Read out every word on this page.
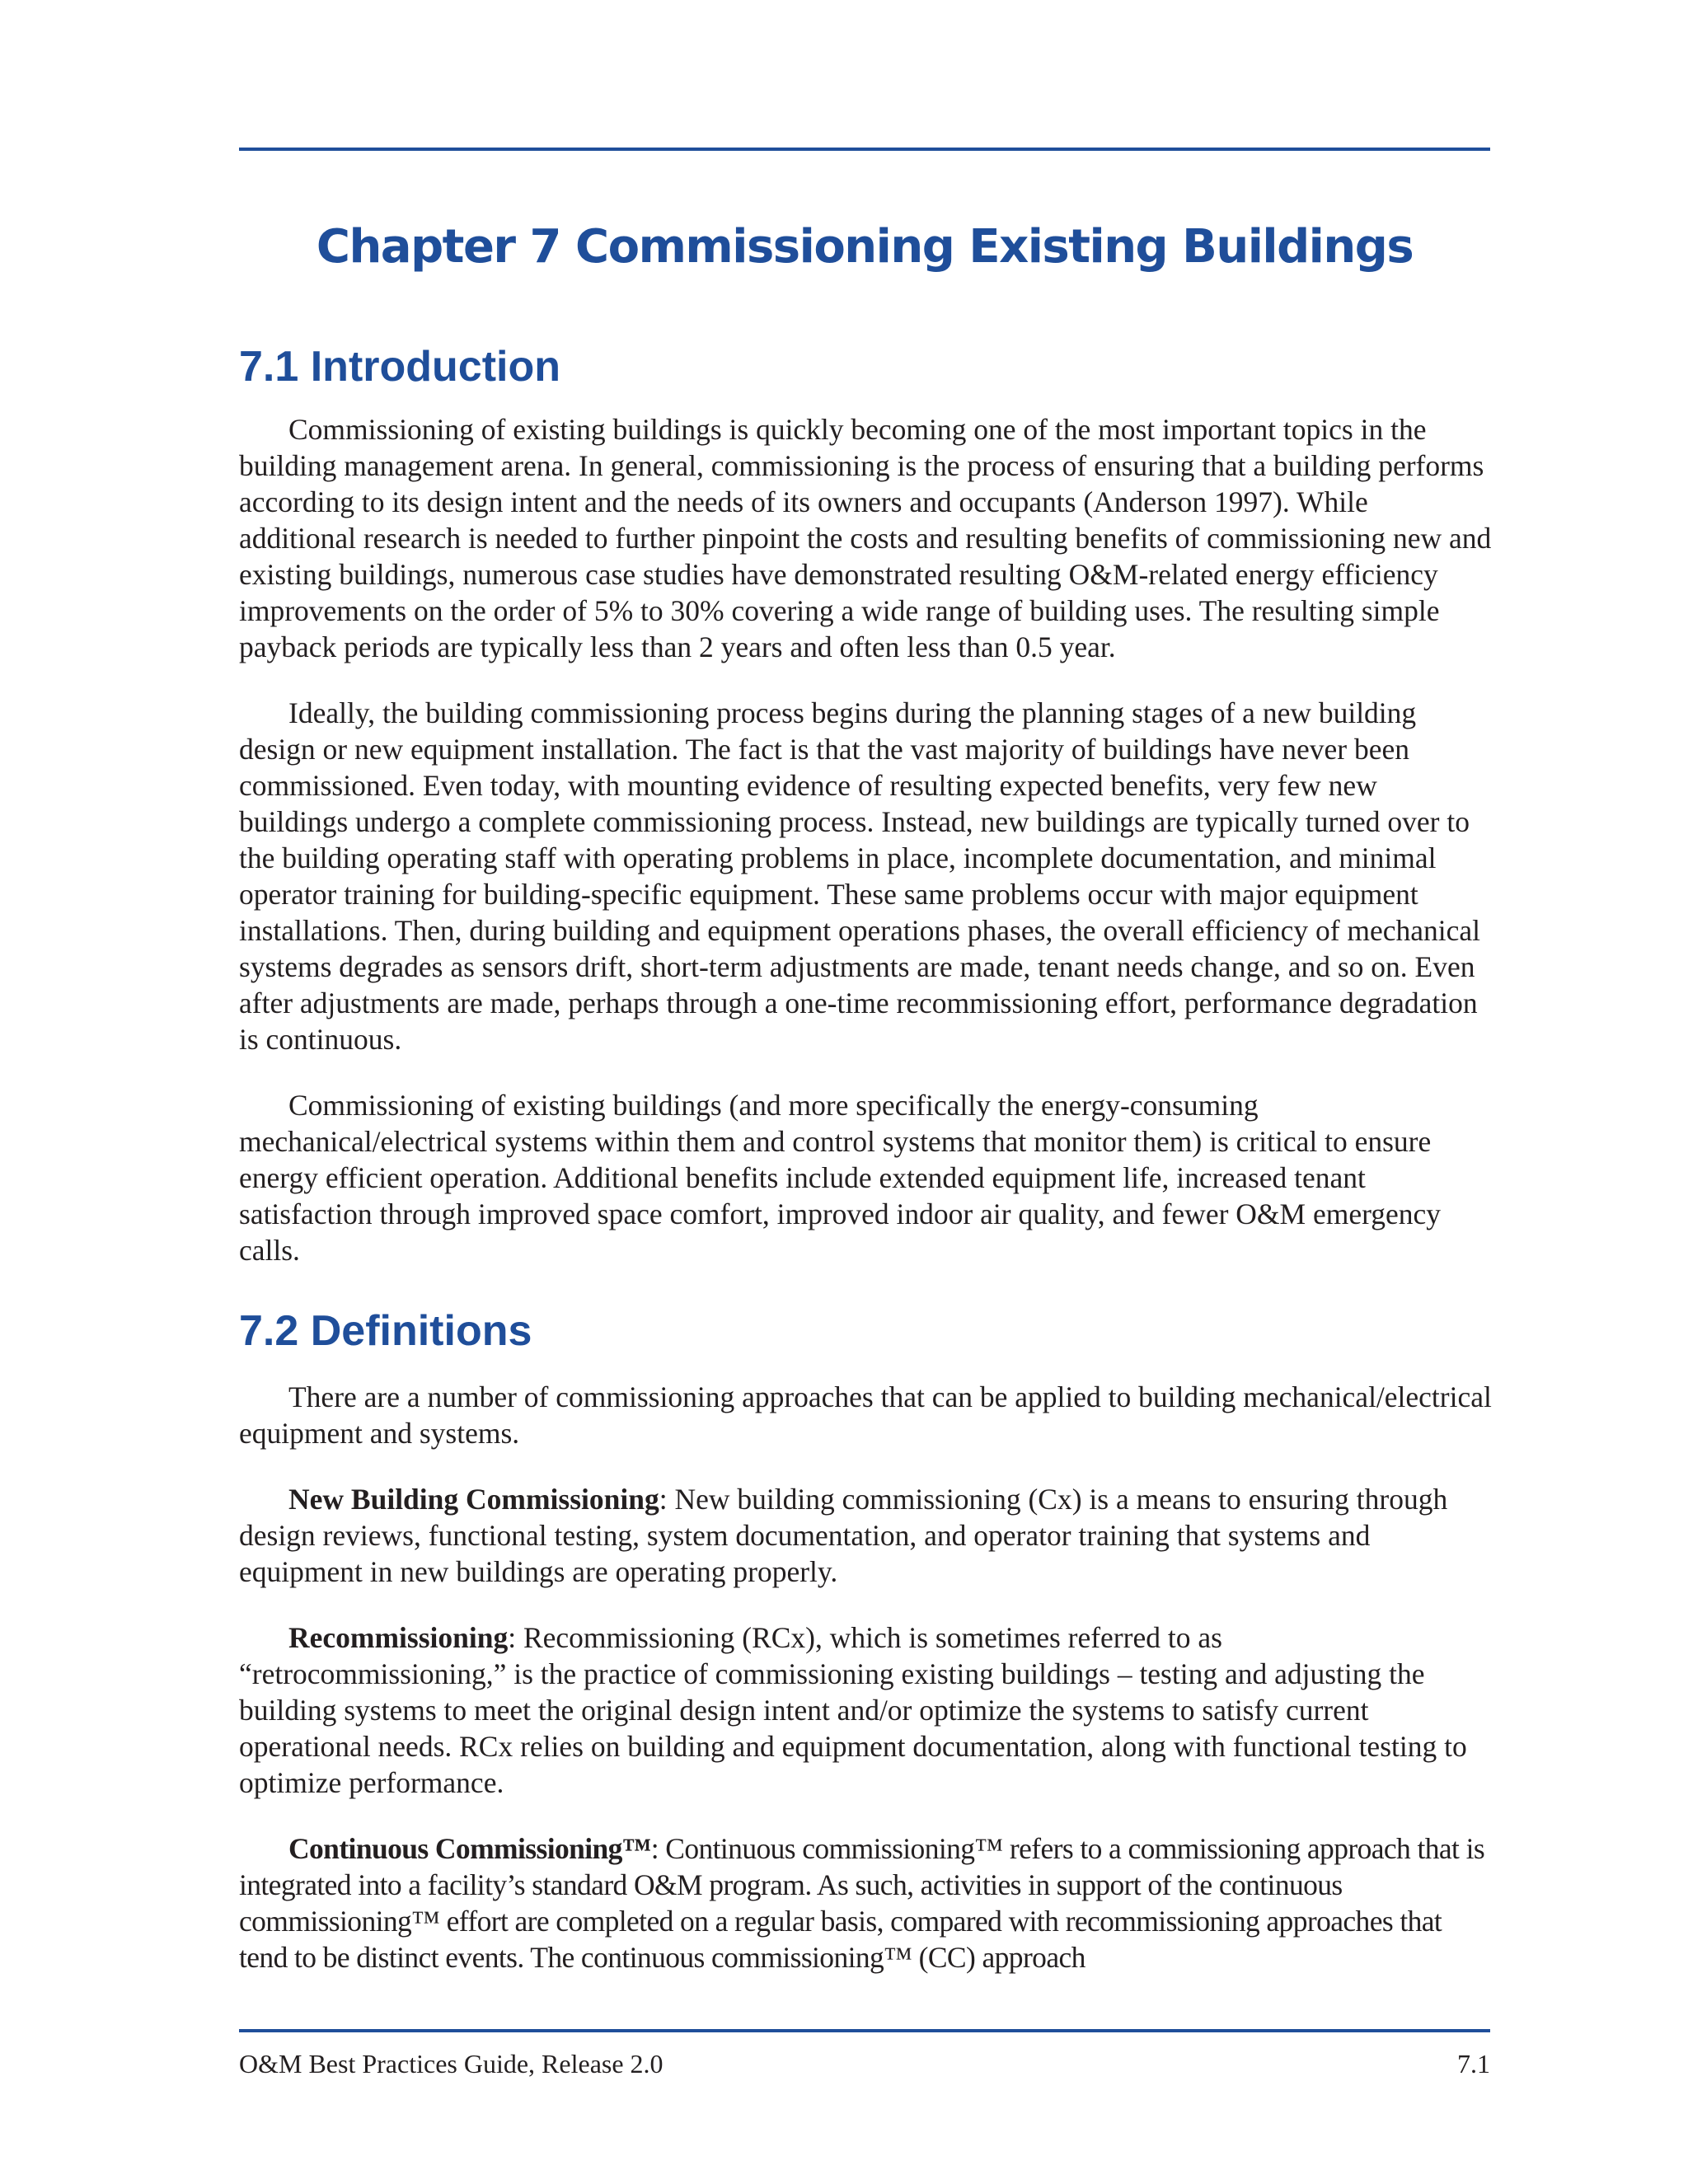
Chapter 7 Commissioning Existing Buildings
7.1 Introduction

Commissioning of existing buildings is quickly becoming one of the most important topics in the building management arena. In general, commissioning is the process of ensuring that a building performs according to its design intent and the needs of its owners and occupants (Anderson 1997). While additional research is needed to further pinpoint the costs and resulting benefits of commissioning new and existing buildings, numerous case studies have demonstrated resulting O&M-related energy efficiency improvements on the order of 5% to 30% covering a wide range of building uses. The resulting simple payback periods are typically less than 2 years and often less than 0.5 year.

Ideally, the building commissioning process begins during the planning stages of a new building design or new equipment installation. The fact is that the vast majority of buildings have never been commissioned. Even today, with mounting evidence of resulting expected benefits, very few new buildings undergo a complete commissioning process. Instead, new buildings are typically turned over to the building operating staff with operating problems in place, incomplete documentation, and minimal operator training for building-specific equipment. These same problems occur with major equipment installations. Then, during building and equipment operations phases, the overall efficiency of mechanical systems degrades as sensors drift, short-term adjustments are made, tenant needs change, and so on. Even after adjustments are made, perhaps through a one-time recommissioning effort, performance degradation is continuous.

Commissioning of existing buildings (and more specifically the energy-consuming mechanical/electrical systems within them and control systems that monitor them) is critical to ensure energy efficient operation. Additional benefits include extended equipment life, increased tenant satisfaction through improved space comfort, improved indoor air quality, and fewer O&M emergency calls.

7.2 Definitions

There are a number of commissioning approaches that can be applied to building mechanical/electrical equipment and systems.

New Building Commissioning: New building commissioning (Cx) is a means to ensuring through design reviews, functional testing, system documentation, and operator training that systems and equipment in new buildings are operating properly.

Recommissioning: Recommissioning (RCx), which is sometimes referred to as “retrocommissioning,” is the practice of commissioning existing buildings – testing and adjusting the building systems to meet the original design intent and/or optimize the systems to satisfy current operational needs. RCx relies on building and equipment documentation, along with functional testing to optimize performance.

Continuous Commissioning™: Continuous commissioning™ refers to a commissioning approach that is integrated into a facility’s standard O&M program. As such, activities in support of the continuous commissioning™ effort are completed on a regular basis, compared with recommissioning approaches that tend to be distinct events. The continuous commissioning™ (CC) approach

O&M Best Practices Guide, Release 2.0	7.1
